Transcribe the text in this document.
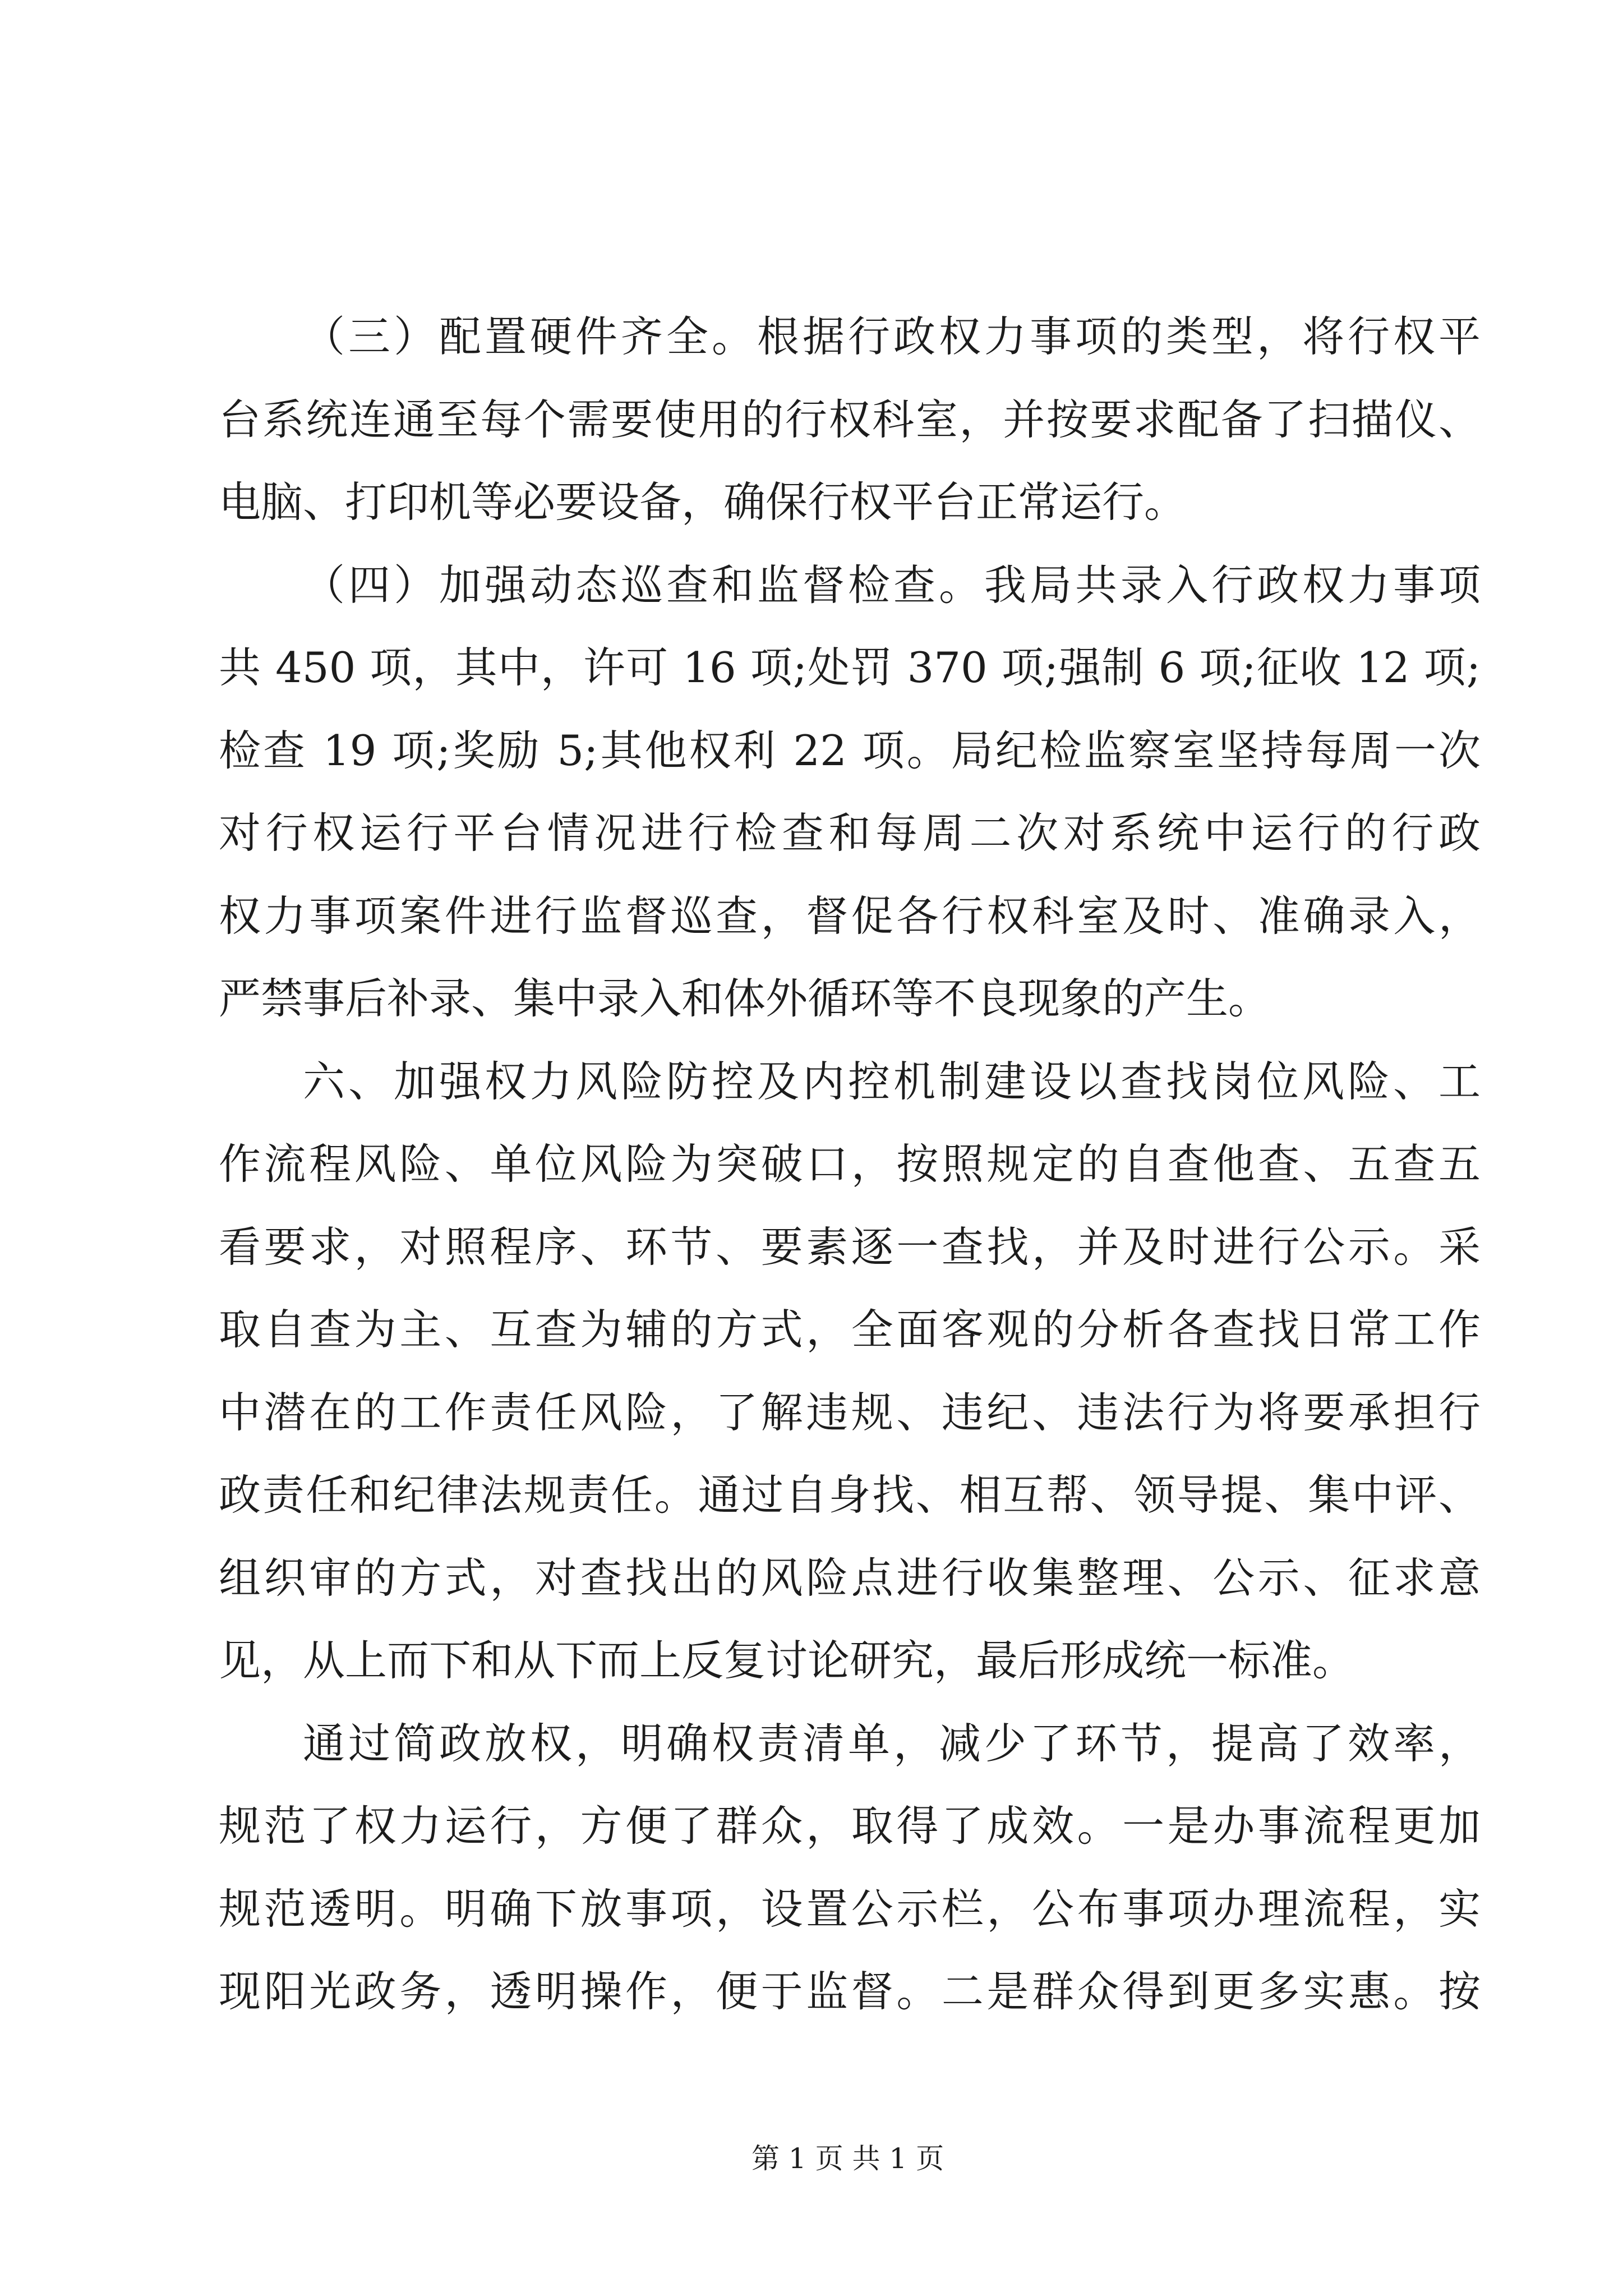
（三）配置硬件齐全。根据行政权力事项的类型，将行权平
台系统连通至每个需要使用的行权科室，并按要求配备了扫描仪、
电脑、打印机等必要设备，确保行权平台正常运行。
（四）加强动态巡查和监督检查。我局共录入行政权力事项
共 450 项，其中，许可 16 项;处罚 370 项;强制 6 项;征收 12 项;
检查 19 项;奖励 5;其他权利 22 项。局纪检监察室坚持每周一次
对行权运行平台情况进行检查和每周二次对系统中运行的行政
权力事项案件进行监督巡查，督促各行权科室及时、准确录入，
严禁事后补录、集中录入和体外循环等不良现象的产生。
六、加强权力风险防控及内控机制建设以查找岗位风险、工
作流程风险、单位风险为突破口，按照规定的自查他查、五查五
看要求，对照程序、环节、要素逐一查找，并及时进行公示。采
取自查为主、互查为辅的方式，全面客观的分析各查找日常工作
中潜在的工作责任风险，了解违规、违纪、违法行为将要承担行
政责任和纪律法规责任。通过自身找、相互帮、领导提、集中评、
组织审的方式，对查找出的风险点进行收集整理、公示、征求意
见，从上而下和从下而上反复讨论研究，最后形成统一标准。
通过简政放权，明确权责清单，减少了环节，提高了效率，
规范了权力运行，方便了群众，取得了成效。一是办事流程更加
规范透明。明确下放事项，设置公示栏，公布事项办理流程，实
现阳光政务，透明操作，便于监督。二是群众得到更多实惠。按
第 1 页 共 1 页
